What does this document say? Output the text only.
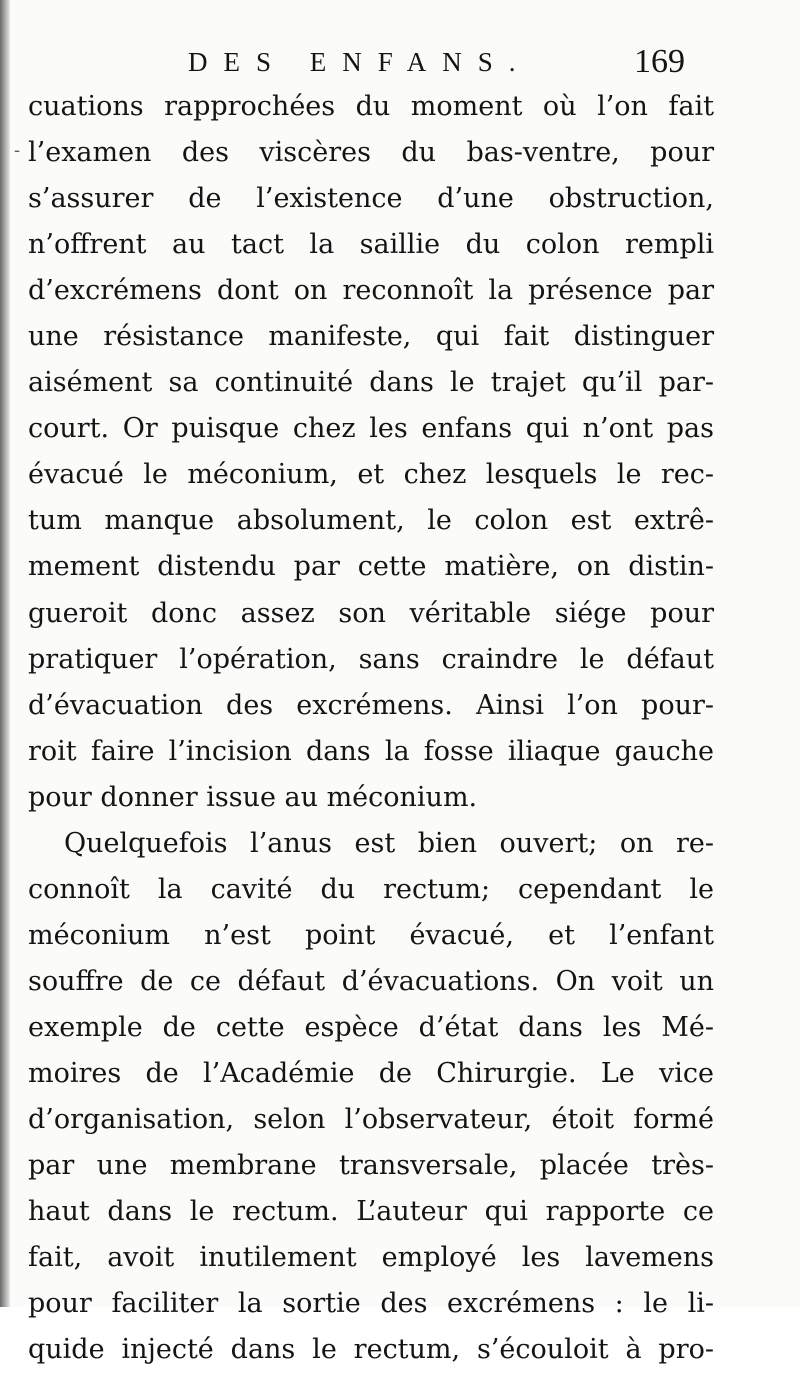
DES ENFANS.	169
-
cuations rapprochées du moment où l’on fait
l’examen des viscères du bas-ventre, pour
s’assurer de l’existence d’une obstruction,
n’offrent au tact la saillie du colon rempli
d’excrémens dont on reconnoît la présence par
une résistance manifeste, qui fait distinguer
aisément sa continuité dans le trajet qu’il par-
court. Or puisque chez les enfans qui n’ont pas
évacué le méconium, et chez lesquels le rec-
tum manque absolument, le colon est extrê-
mement distendu par cette matière, on distin-
gueroit donc assez son véritable siége pour
pratiquer l’opération, sans craindre le défaut
d’évacuation des excrémens. Ainsi l’on pour-
roit faire l’incision dans la fosse iliaque gauche
pour donner issue au méconium.
Quelquefois l’anus est bien ouvert; on re-
connoît la cavité du rectum; cependant le
méconium n’est point évacué, et l’enfant
souffre de ce défaut d’évacuations. On voit un
exemple de cette espèce d’état dans les Mé-
moires de l’Académie de Chirurgie. Le vice
d’organisation, selon l’observateur, étoit formé
par une membrane transversale, placée très-
haut dans le rectum. L’auteur qui rapporte ce
fait, avoit inutilement employé les lavemens
pour faciliter la sortie des excrémens : le li-
quide injecté dans le rectum, s’écouloit à pro-
